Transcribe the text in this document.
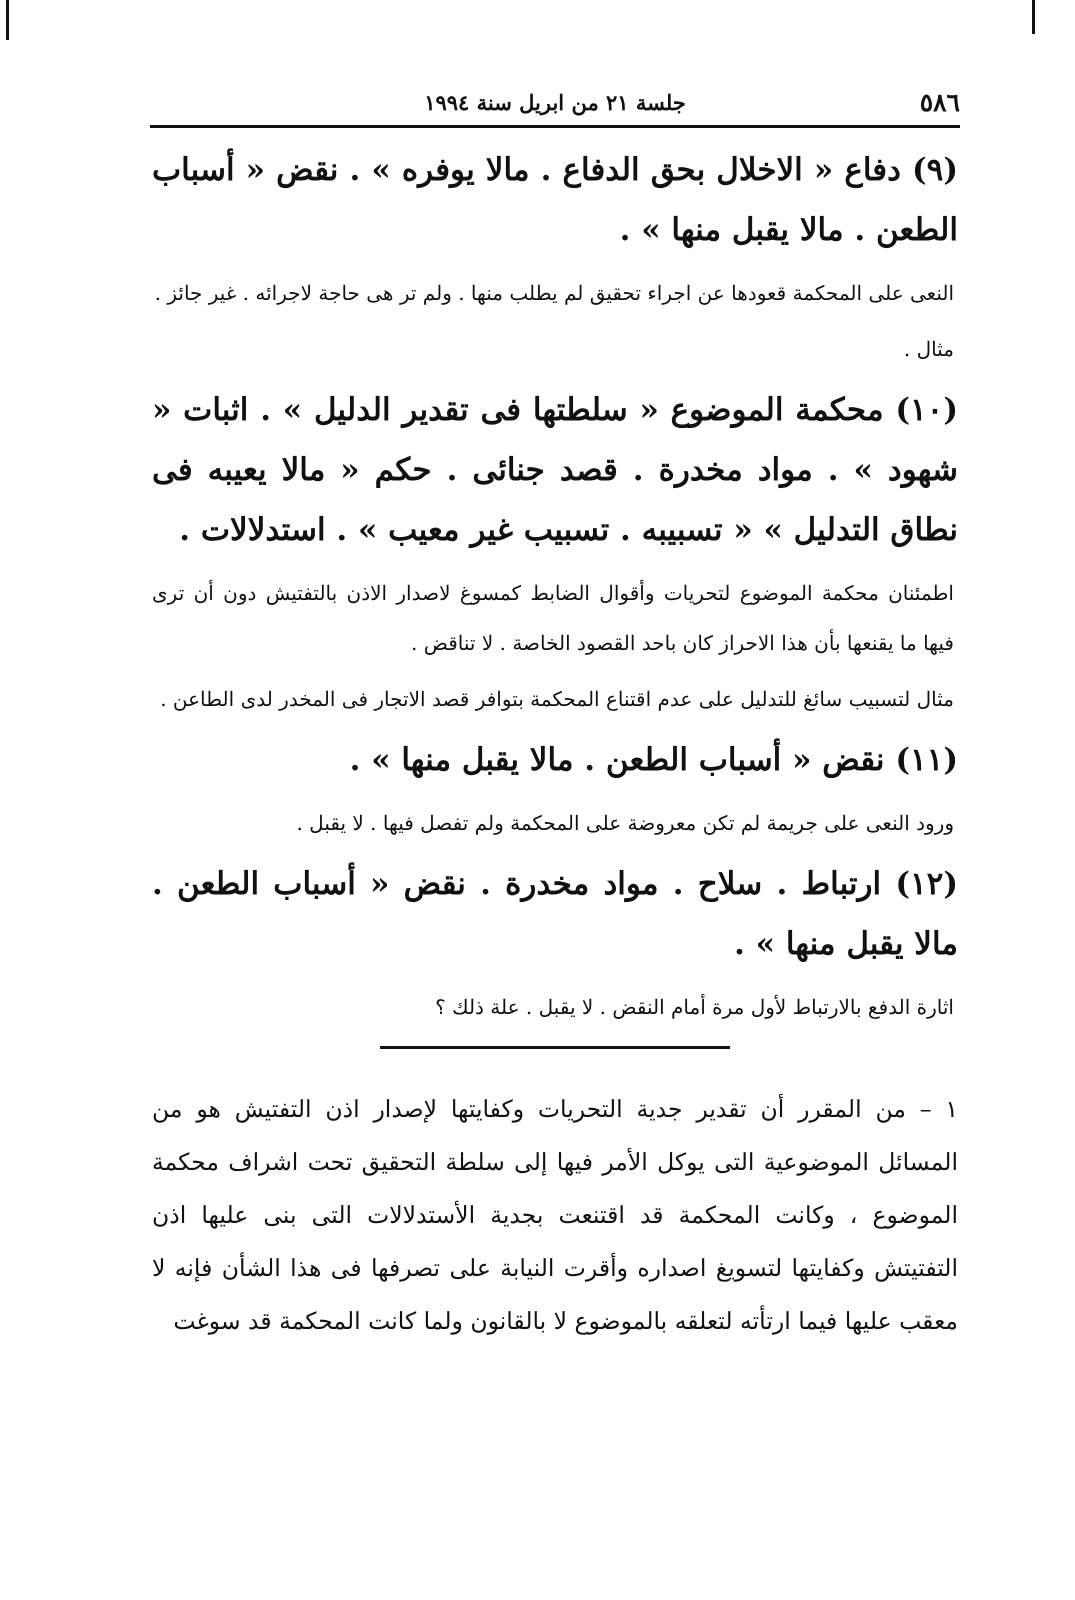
٥٨٦
جلسة ٢١ من ابريل سنة ١٩٩٤

(٩) دفاع « الاخلال بحق الدفاع . مالا يوفره » . نقض « أسباب الطعن . مالا يقبل منها » .

النعى على المحكمة قعودها عن اجراء تحقيق لم يطلب منها . ولم تر هى حاجة لاجرائه . غير جائز .

مثال .

(١٠) محكمة الموضوع « سلطتها فى تقدير الدليل » . اثبات « شهود » . مواد مخدرة . قصد جنائى . حكم « مالا يعيبه فى نطاق التدليل » « تسبيبه . تسبيب غير معيب » . استدلالات .

اطمئنان محكمة الموضوع لتحريات وأقوال الضابط كمسوغ لاصدار الاذن بالتفتيش دون أن ترى فيها ما يقنعها بأن هذا الاحراز كان باحد القصود الخاصة . لا تناقض .

مثال لتسبيب سائغ للتدليل على عدم اقتناع المحكمة بتوافر قصد الاتجار فى المخدر لدى الطاعن .

(١١) نقض « أسباب الطعن . مالا يقبل منها » .

ورود النعى على جريمة لم تكن معروضة على المحكمة ولم تفصل فيها . لا يقبل .

(١٢) ارتباط . سلاح . مواد مخدرة . نقض « أسباب الطعن . مالا يقبل منها » .

اثارة الدفع بالارتباط لأول مرة أمام النقض . لا يقبل . علة ذلك ؟

١ – من المقرر أن تقدير جدية التحريات وكفايتها لإصدار اذن التفتيش هو من المسائل الموضوعية التى يوكل الأمر فيها إلى سلطة التحقيق تحت اشراف محكمة الموضوع ، وكانت المحكمة قد اقتنعت بجدية الأستدلالات التى بنى عليها اذن التفتيتش وكفايتها لتسويغ اصداره وأقرت النيابة على تصرفها فى هذا الشأن فإنه لا معقب عليها فيما ارتأته لتعلقه بالموضوع لا بالقانون ولما كانت المحكمة قد سوغت
